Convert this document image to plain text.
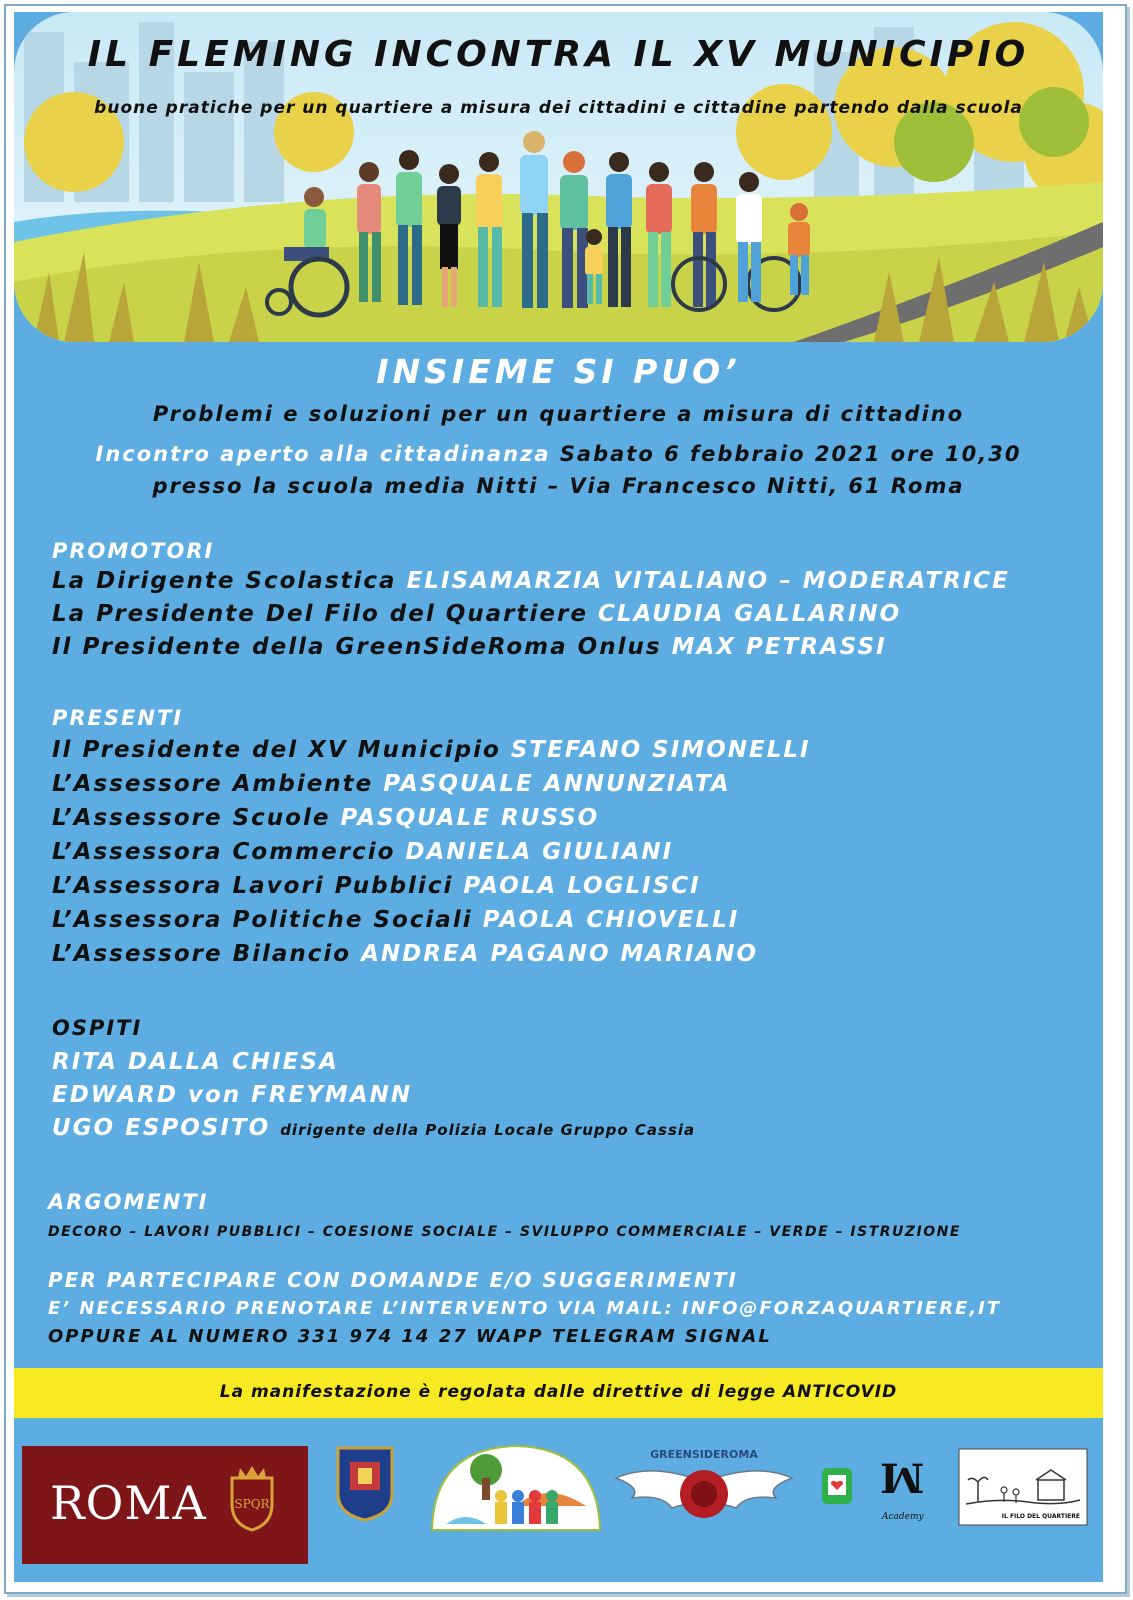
IL FLEMING INCONTRA IL XV MUNICIPIO
buone pratiche per un quartiere a misura dei cittadini e cittadine partendo dalla scuola
INSIEME SI PUO’
Problemi e soluzioni per un quartiere a misura di cittadino
Incontro aperto alla cittadinanza Sabato 6 febbraio 2021 ore 10,30
presso la scuola media Nitti – Via Francesco Nitti, 61 Roma
PROMOTORI
La Dirigente Scolastica ELISAMARZIA VITALIANO – MODERATRICE
La Presidente Del Filo del Quartiere CLAUDIA GALLARINO
Il Presidente della GreenSideRoma Onlus MAX PETRASSI
PRESENTI
Il Presidente del XV Municipio STEFANO SIMONELLI
L’Assessore Ambiente PASQUALE ANNUNZIATA
L’Assessore Scuole PASQUALE RUSSO
L’Assessora Commercio DANIELA GIULIANI
L’Assessora Lavori Pubblici PAOLA LOGLISCI
L’Assessora Politiche Sociali PAOLA CHIOVELLI
L’Assessore Bilancio ANDREA PAGANO MARIANO
OSPITI
RITA DALLA CHIESA
EDWARD von FREYMANN
UGO ESPOSITO dirigente della Polizia Locale Gruppo Cassia
ARGOMENTI
DECORO – LAVORI PUBBLICI – COESIONE SOCIALE – SVILUPPO COMMERCIALE – VERDE – ISTRUZIONE
PER PARTECIPARE CON DOMANDE E/O SUGGERIMENTI
E’ NECESSARIO PRENOTARE L’INTERVENTO VIA MAIL: INFO@FORZAQUARTIERE,IT
OPPURE AL NUMERO 331 974 14 27 WAPP TELEGRAM SIGNAL
La manifestazione è regolata dalle direttive di legge ANTICOVID
ROMA SPQR
GREENSIDEROMA
ꟽ
Academy	IL FILO DEL QUARTIERE
